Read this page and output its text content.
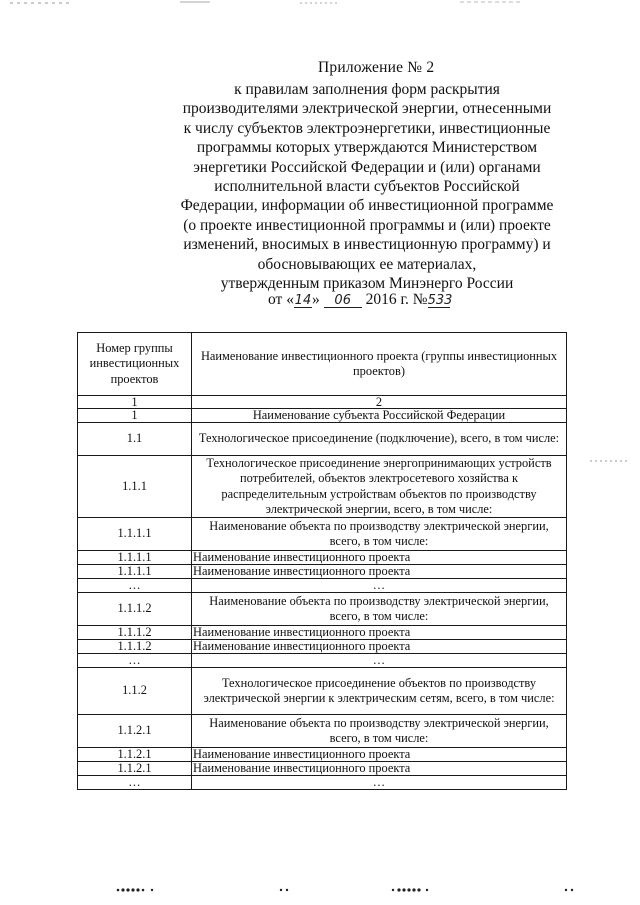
Приложение № 2
к правилам заполнения форм раскрытия
производителями электрической энергии, отнесенными
к числу субъектов электроэнергетики, инвестиционные
программы которых утверждаются Министерством
энергетики Российской Федерации и (или) органами
исполнительной власти субъектов Российской
Федерации, информации об инвестиционной программе
(о проекте инвестиционной программы и (или) проекте
изменений, вносимых в инвестиционную программу) и
обосновывающих ее материалах,
утвержденным приказом Минэнерго России
от «14» 06 2016 г. №533
Номер группы инвестиционных проектов	Наименование инвестиционного проекта (группы инвестиционных проектов)
1	2
1	Наименование субъекта Российской Федерации
1.1	Технологическое присоединение (подключение), всего, в том числе:
1.1.1	Технологическое присоединение энергопринимающих устройств потребителей, объектов электросетевого хозяйства к распределительным устройствам объектов по производству электрической энергии, всего, в том числе:
1.1.1.1	Наименование объекта по производству электрической энергии, всего, в том числе:
1.1.1.1	Наименование инвестиционного проекта
1.1.1.1	Наименование инвестиционного проекта
…	…
1.1.1.2	Наименование объекта по производству электрической энергии, всего, в том числе:
1.1.1.2	Наименование инвестиционного проекта
1.1.1.2	Наименование инвестиционного проекта
…	…
1.1.2	Технологическое присоединение объектов по производству электрической энергии к электрическим сетям, всего, в том числе:
1.1.2.1	Наименование объекта по производству электрической энергии, всего, в том числе:
1.1.2.1	Наименование инвестиционного проекта
1.1.2.1	Наименование инвестиционного проекта
…	…
